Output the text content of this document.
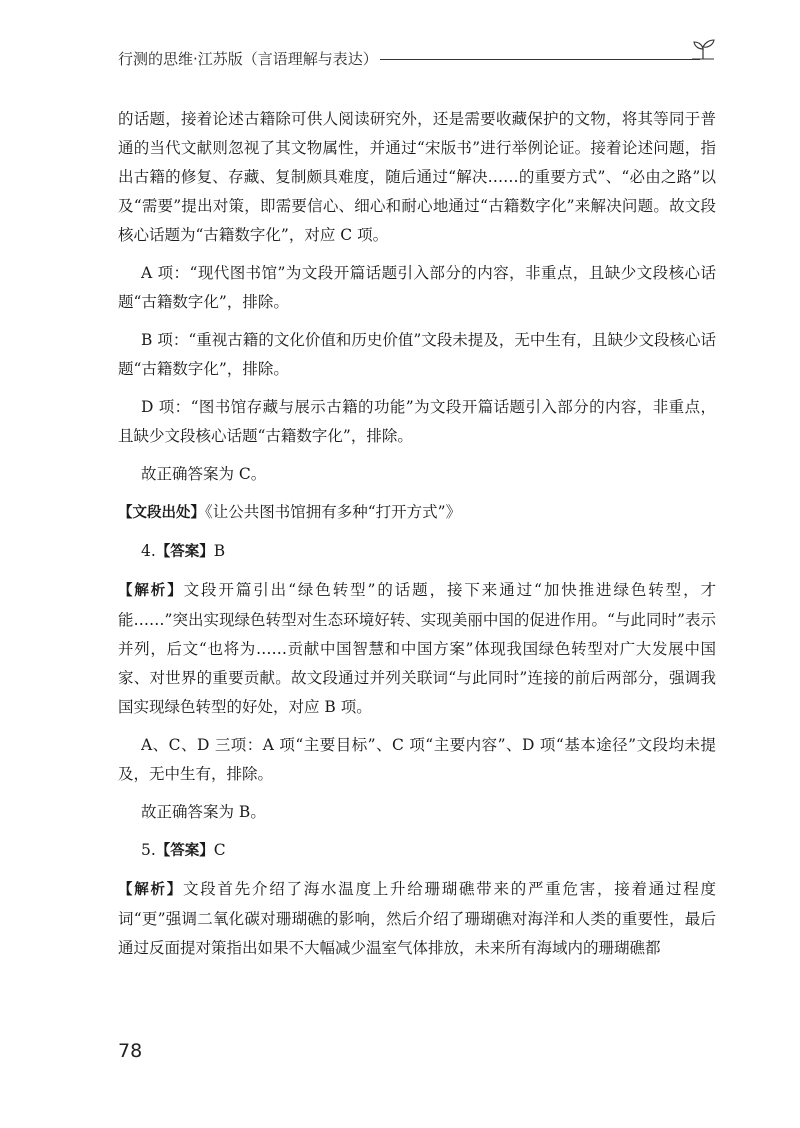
行测的思维·江苏版（言语理解与表达）

的话题，接着论述古籍除可供人阅读研究外，还是需要收藏保护的文物，将其等同于普通的当代文献则忽视了其文物属性，并通过“宋版书”进行举例论证。接着论述问题，指出古籍的修复、存藏、复制颇具难度，随后通过“解决……的重要方式”、“必由之路”以及“需要”提出对策，即需要信心、细心和耐心地通过“古籍数字化”来解决问题。故文段核心话题为“古籍数字化”，对应 C 项。

A 项：“现代图书馆”为文段开篇话题引入部分的内容，非重点，且缺少文段核心话题“古籍数字化”，排除。

B 项：“重视古籍的文化价值和历史价值”文段未提及，无中生有，且缺少文段核心话题“古籍数字化”，排除。

D 项：“图书馆存藏与展示古籍的功能”为文段开篇话题引入部分的内容，非重点，且缺少文段核心话题“古籍数字化”，排除。

故正确答案为 C。

【文段出处】《让公共图书馆拥有多种“打开方式”》

4.【答案】B

【解析】文段开篇引出“绿色转型”的话题，接下来通过“加快推进绿色转型，才能……”突出实现绿色转型对生态环境好转、实现美丽中国的促进作用。“与此同时”表示并列，后文“也将为……贡献中国智慧和中国方案”体现我国绿色转型对广大发展中国家、对世界的重要贡献。故文段通过并列关联词“与此同时”连接的前后两部分，强调我国实现绿色转型的好处，对应 B 项。

A、C、D 三项：A 项“主要目标”、C 项“主要内容”、D 项“基本途径”文段均未提及，无中生有，排除。

故正确答案为 B。

5.【答案】C

【解析】文段首先介绍了海水温度上升给珊瑚礁带来的严重危害，接着通过程度词“更”强调二氧化碳对珊瑚礁的影响，然后介绍了珊瑚礁对海洋和人类的重要性，最后通过反面提对策指出如果不大幅减少温室气体排放，未来所有海域内的珊瑚礁都

78
